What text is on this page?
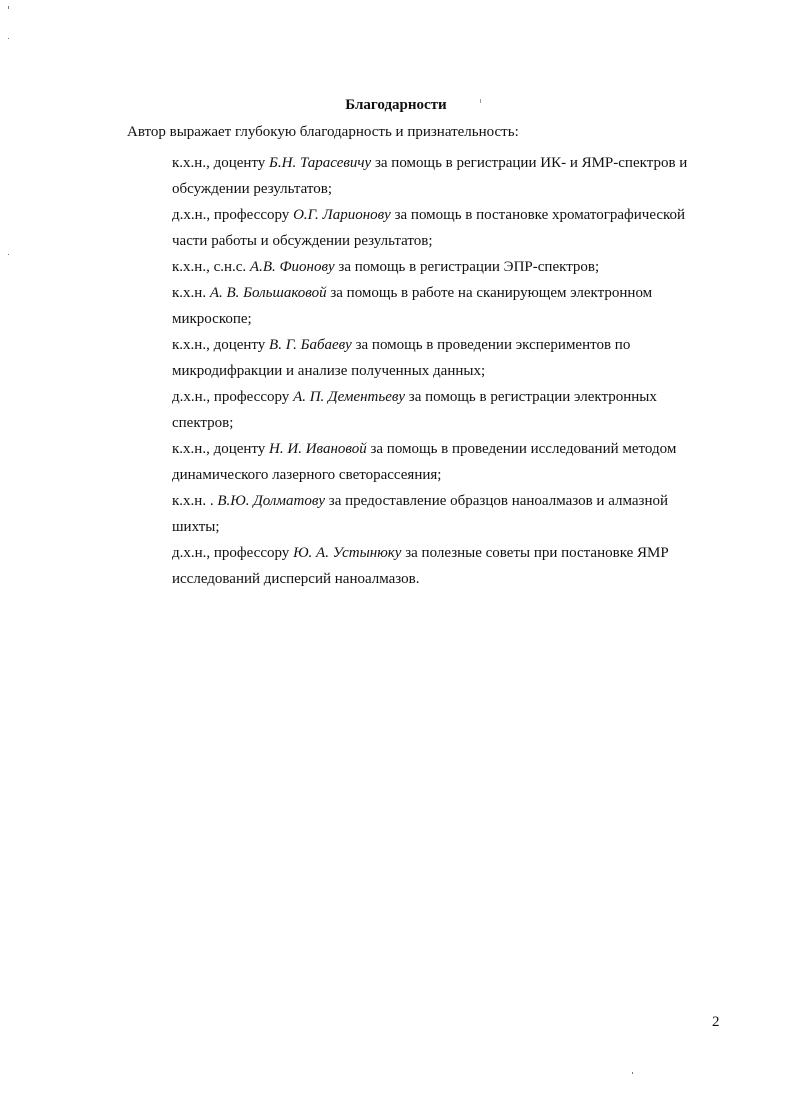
Благодарности
Автор выражает глубокую благодарность и признательность:

к.х.н., доценту Б.Н. Тарасевичу за помощь в регистрации ИК- и ЯМР-спектров и обсуждении результатов;

д.х.н., профессору О.Г. Ларионову за помощь в постановке хроматографической части работы и обсуждении результатов;

к.х.н., с.н.с. А.В. Фионову за помощь в регистрации ЭПР-спектров;

к.х.н. А. В. Большаковой за помощь в работе на сканирующем электронном микроскопе;

к.х.н., доценту В. Г. Бабаеву за помощь в проведении экспериментов по микродифракции и анализе полученных данных;

д.х.н., профессору А. П. Дементьеву за помощь в регистрации электронных спектров;

к.х.н., доценту Н. И. Ивановой за помощь в проведении исследований методом динамического лазерного светорассеяния;

к.х.н. . В.Ю. Долматову за предоставление образцов наноалмазов и алмазной шихты;

д.х.н., профессору Ю. А. Устынюку за полезные советы при постановке ЯМР исследований дисперсий наноалмазов.

2
